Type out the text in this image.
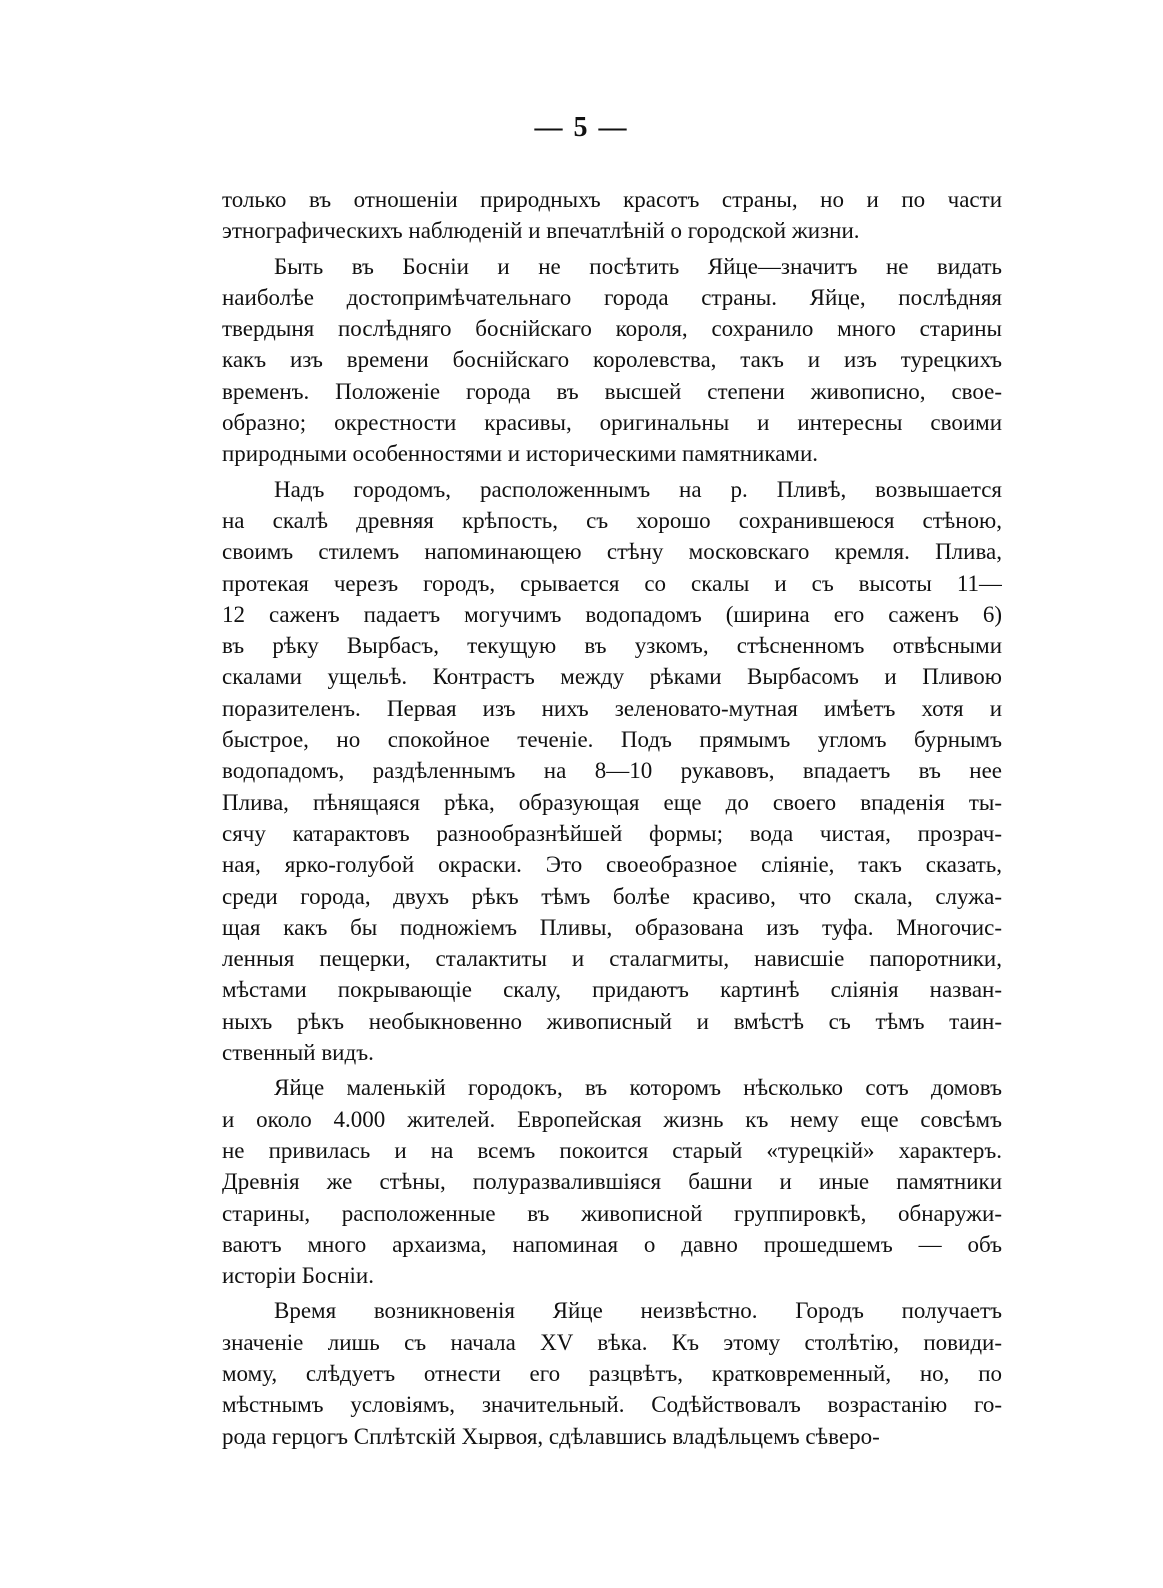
— 5 —
только въ отношеніи природныхъ красотъ страны, но и по части
этнографическихъ наблюденій и впечатлѣній о городской жизни.
Быть въ Босніи и не посѣтить Яйце—значитъ не видать
наиболѣе достопримѣчательнаго города страны. Яйце, послѣдняя
твердыня послѣдняго боснійскаго короля, сохранило много старины
какъ изъ времени боснійскаго королевства, такъ и изъ турецкихъ
временъ. Положеніе города въ высшей степени живописно, свое-
образно; окрестности красивы, оригинальны и интересны своими
природными особенностями и историческими памятниками.
Надъ городомъ, расположеннымъ на р. Пливѣ, возвышается
на скалѣ древняя крѣпость, съ хорошо сохранившеюся стѣною,
своимъ стилемъ напоминающею стѣну московскаго кремля. Плива,
протекая черезъ городъ, срывается со скалы и съ высоты 11—
12 саженъ падаетъ могучимъ водопадомъ (ширина его саженъ 6)
въ рѣку Вырбасъ, текущую въ узкомъ, стѣсненномъ отвѣсными
скалами ущельѣ. Контрастъ между рѣками Вырбасомъ и Пливою
поразителенъ. Первая изъ нихъ зеленовато-мутная имѣетъ хотя и
быстрое, но спокойное теченіе. Подъ прямымъ угломъ бурнымъ
водопадомъ, раздѣленнымъ на 8—10 рукавовъ, впадаетъ въ нее
Плива, пѣнящаяся рѣка, образующая еще до своего впаденія ты-
сячу катарактовъ разнообразнѣйшей формы; вода чистая, прозрач-
ная, ярко-голубой окраски. Это своеобразное сліяніе, такъ сказать,
среди города, двухъ рѣкъ тѣмъ болѣе красиво, что скала, служа-
щая какъ бы подножіемъ Пливы, образована изъ туфа. Многочис-
ленныя пещерки, сталактиты и сталагмиты, нависшіе папоротники,
мѣстами покрывающіе скалу, придаютъ картинѣ сліянія назван-
ныхъ рѣкъ необыкновенно живописный и вмѣстѣ съ тѣмъ таин-
ственный видъ.
Яйце маленькій городокъ, въ которомъ нѣсколько сотъ домовъ
и около 4.000 жителей. Европейская жизнь къ нему еще совсѣмъ
не привилась и на всемъ покоится старый «турецкій» характеръ.
Древнія же стѣны, полуразвалившіяся башни и иные памятники
старины, расположенные въ живописной группировкѣ, обнаружи-
ваютъ много архаизма, напоминая о давно прошедшемъ — объ
исторіи Босніи.
Время возникновенія Яйце неизвѣстно. Городъ получаетъ
значеніе лишь съ начала XV вѣка. Къ этому столѣтію, повиди-
мому, слѣдуетъ отнести его разцвѣтъ, кратковременный, но, по
мѣстнымъ условіямъ, значительный. Содѣйствовалъ возрастанію го-
рода герцогъ Сплѣтскій Хырвоя, сдѣлавшись владѣльцемъ сѣверо-
